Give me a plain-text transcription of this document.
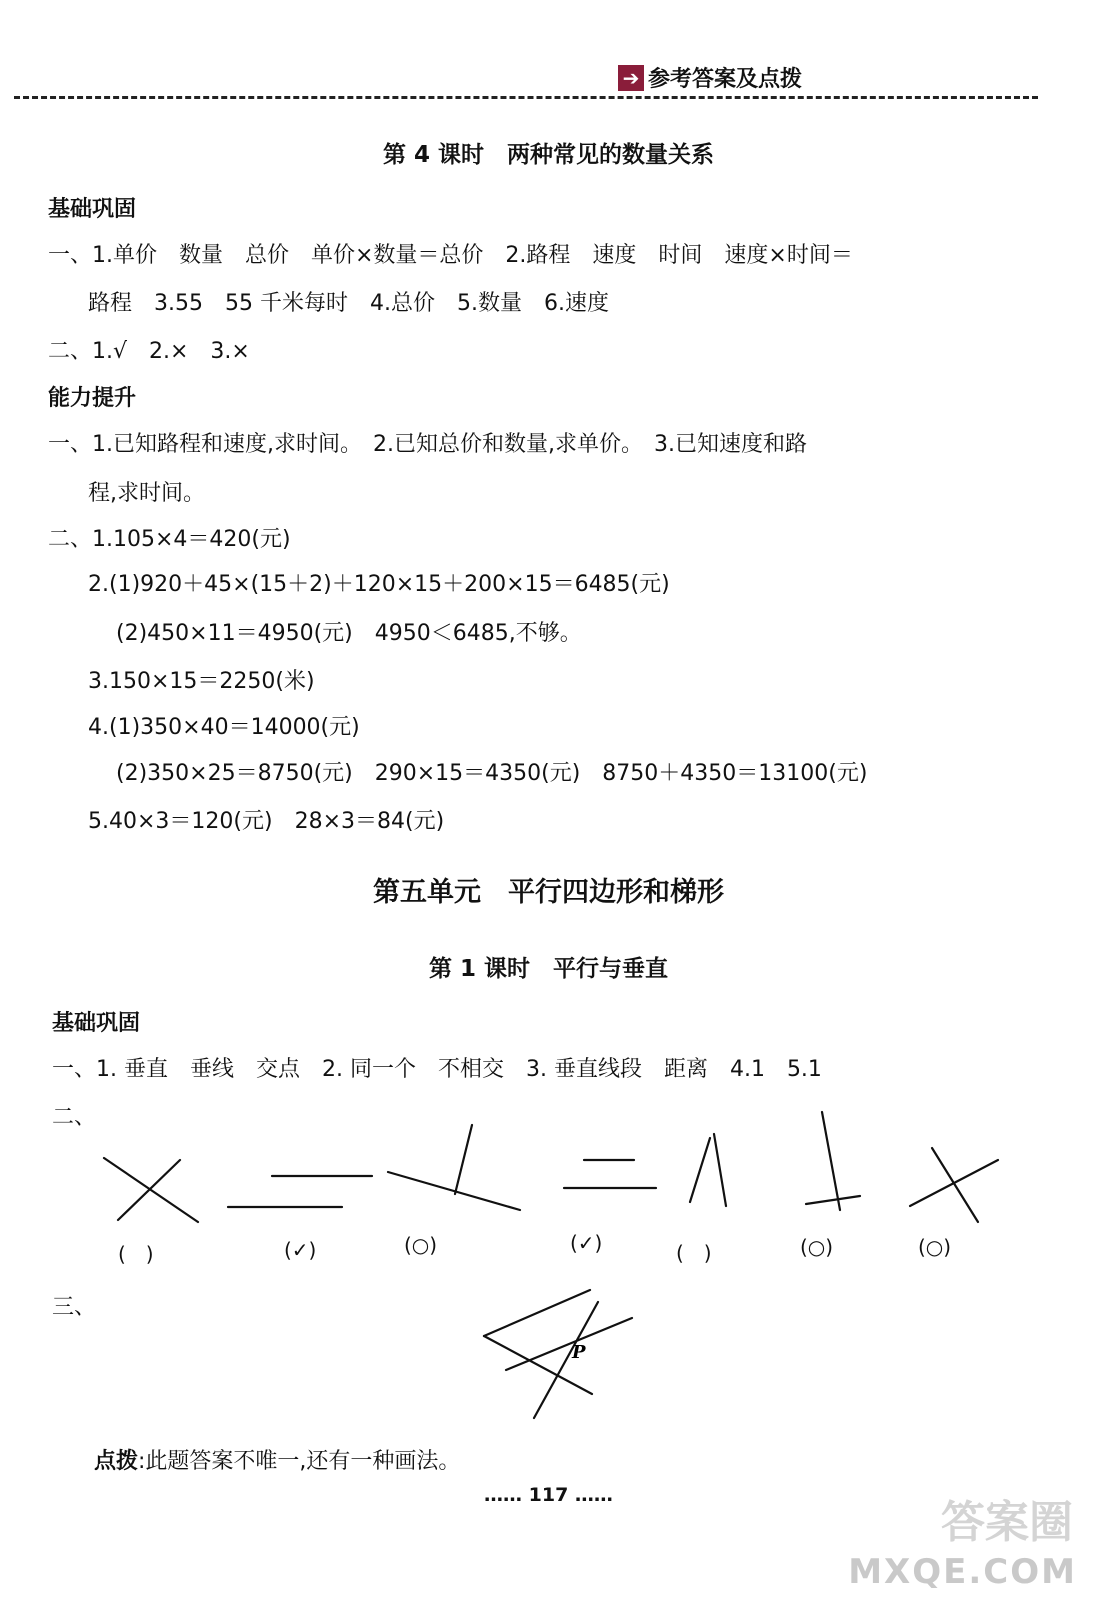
➔ 参考答案及点拨
第 4 课时　两种常见的数量关系
基础巩固
一、1.单价　数量　总价　单价×数量＝总价　2.路程　速度　时间　速度×时间＝
路程　3.55　55 千米每时　4.总价　5.数量　6.速度
二、1.√　2.×　3.×
能力提升
一、1.已知路程和速度,求时间。　2.已知总价和数量,求单价。　3.已知速度和路
程,求时间。
二、1.105×4＝420(元)
2.(1)920＋45×(15＋2)＋120×15＋200×15＝6485(元)
(2)450×11＝4950(元)　4950＜6485,不够。
3.150×15＝2250(米)
4.(1)350×40＝14000(元)
(2)350×25＝8750(元)　290×15＝4350(元)　8750＋4350＝13100(元)
5.40×3＝120(元)　28×3＝84(元)
第五单元　平行四边形和梯形
第 1 课时　平行与垂直
基础巩固
一、1. 垂直　垂线　交点　2. 同一个　不相交　3. 垂直线段　距离　4.1　5.1
二、
(　)	(✓)	(○)	(✓)	(　)	(○)	(○)
三、
P
点拨:此题答案不唯一,还有一种画法。
…… 117 ……
答案圈
MXQE.COM
